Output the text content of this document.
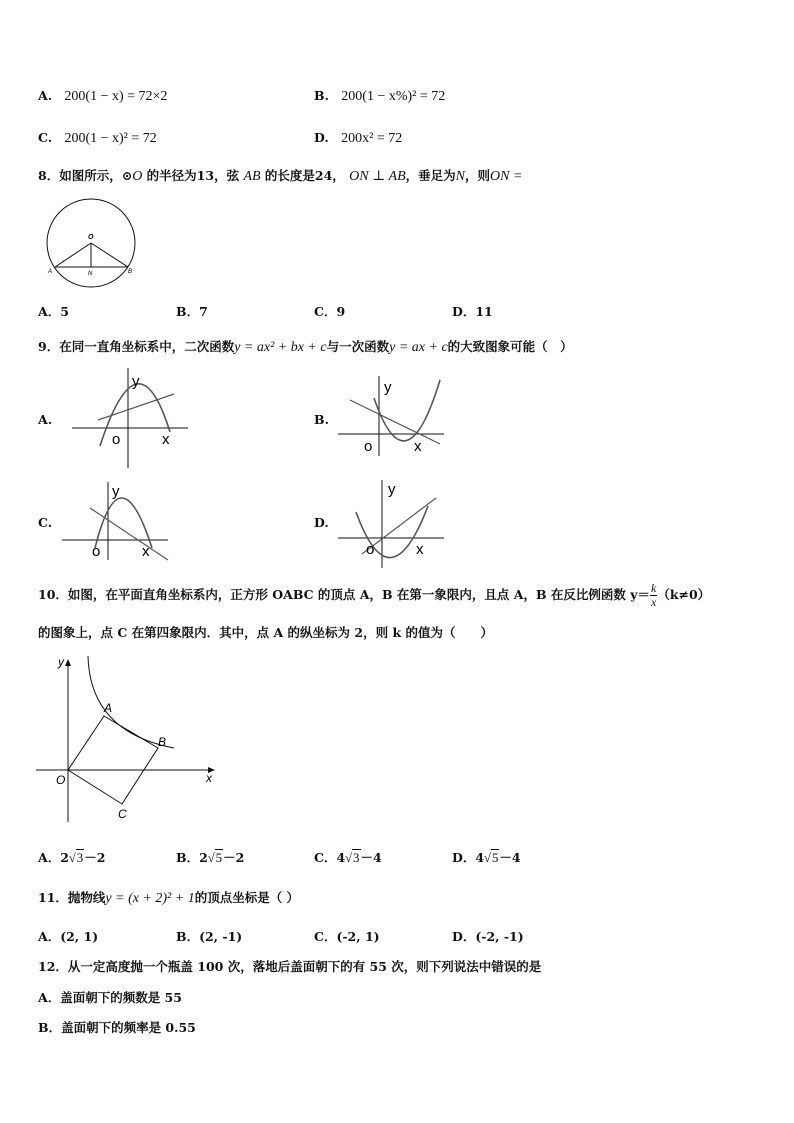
A. 200(1 − x) = 72×2	B. 200(1 − x%)² = 72
C. 200(1 − x)² = 72	D. 200x² = 72
8．如图所示，⊙O 的半径为13，弦 AB 的长度是24， ON ⊥ AB，垂足为N，则ON =
O
A	B
N
A．5	B．7	C．9	D．11
9．在同一直角坐标系中，二次函数y = ax² + bx + c与一次函数y = ax + c的大致图象可能（　）
A.
y
o	x
B.
y
o	x
C.
y
o	x
D.
y
o	x
10．如图，在平面直角坐标系内，正方形 OABC 的顶点 A，B 在第一象限内，且点 A，B 在反比例函数 $y= \frac{k}{x} (k\ne 0)$
的图象上，点 C 在第四象限内．其中，点 A 的纵坐标为 2，则 k 的值为（　　）
y
x
O
A
B
C
A．2√3－2	B．2√5－2	C．4√3－4	D．4√5－4
11．抛物线y = (x + 2)² + 1的顶点坐标是（ ）
A．(2, 1)	B．(2, -1)	C．(-2, 1)	D．(-2, -1)
12．从一定高度抛一个瓶盖 100 次，落地后盖面朝下的有 55 次，则下列说法中错误的是
A．盖面朝下的频数是 55
B．盖面朝下的频率是 0.55
